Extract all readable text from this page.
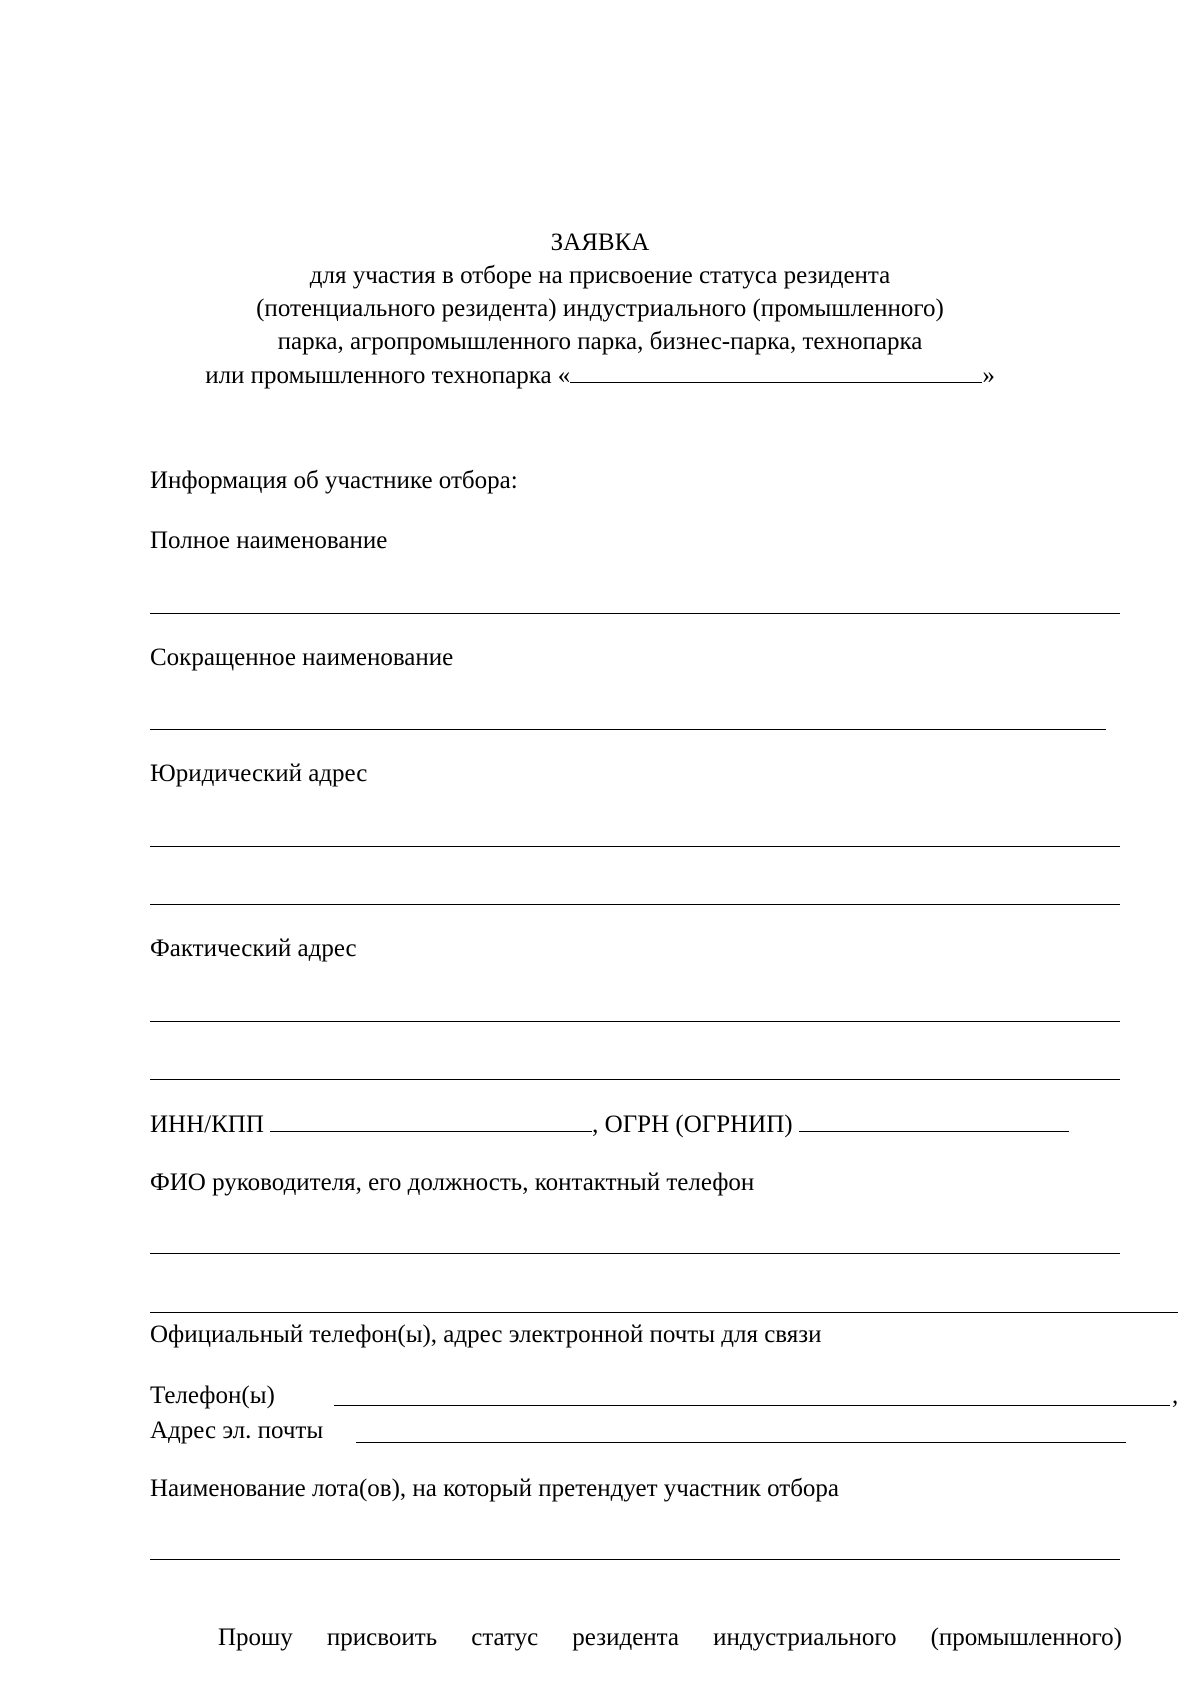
ЗАЯВКА
для участия в отборе на присвоение статуса резидента
(потенциального резидента) индустриального (промышленного)
парка, агропромышленного парка, бизнес-парка, технопарка
или промышленного технопарка «	»
Информация об участнике отбора:
Полное наименование
Сокращенное наименование
Юридический адрес
Фактический адрес
ИНН/КПП	, ОГРН (ОГРНИП)
ФИО руководителя, его должность, контактный телефон
Официальный телефон(ы), адрес электронной почты для связи
Телефон(ы)	,
Адрес эл. почты
Наименование лота(ов), на который претендует участник отбора
Прошу присвоить статус резидента индустриального (промышленного)
